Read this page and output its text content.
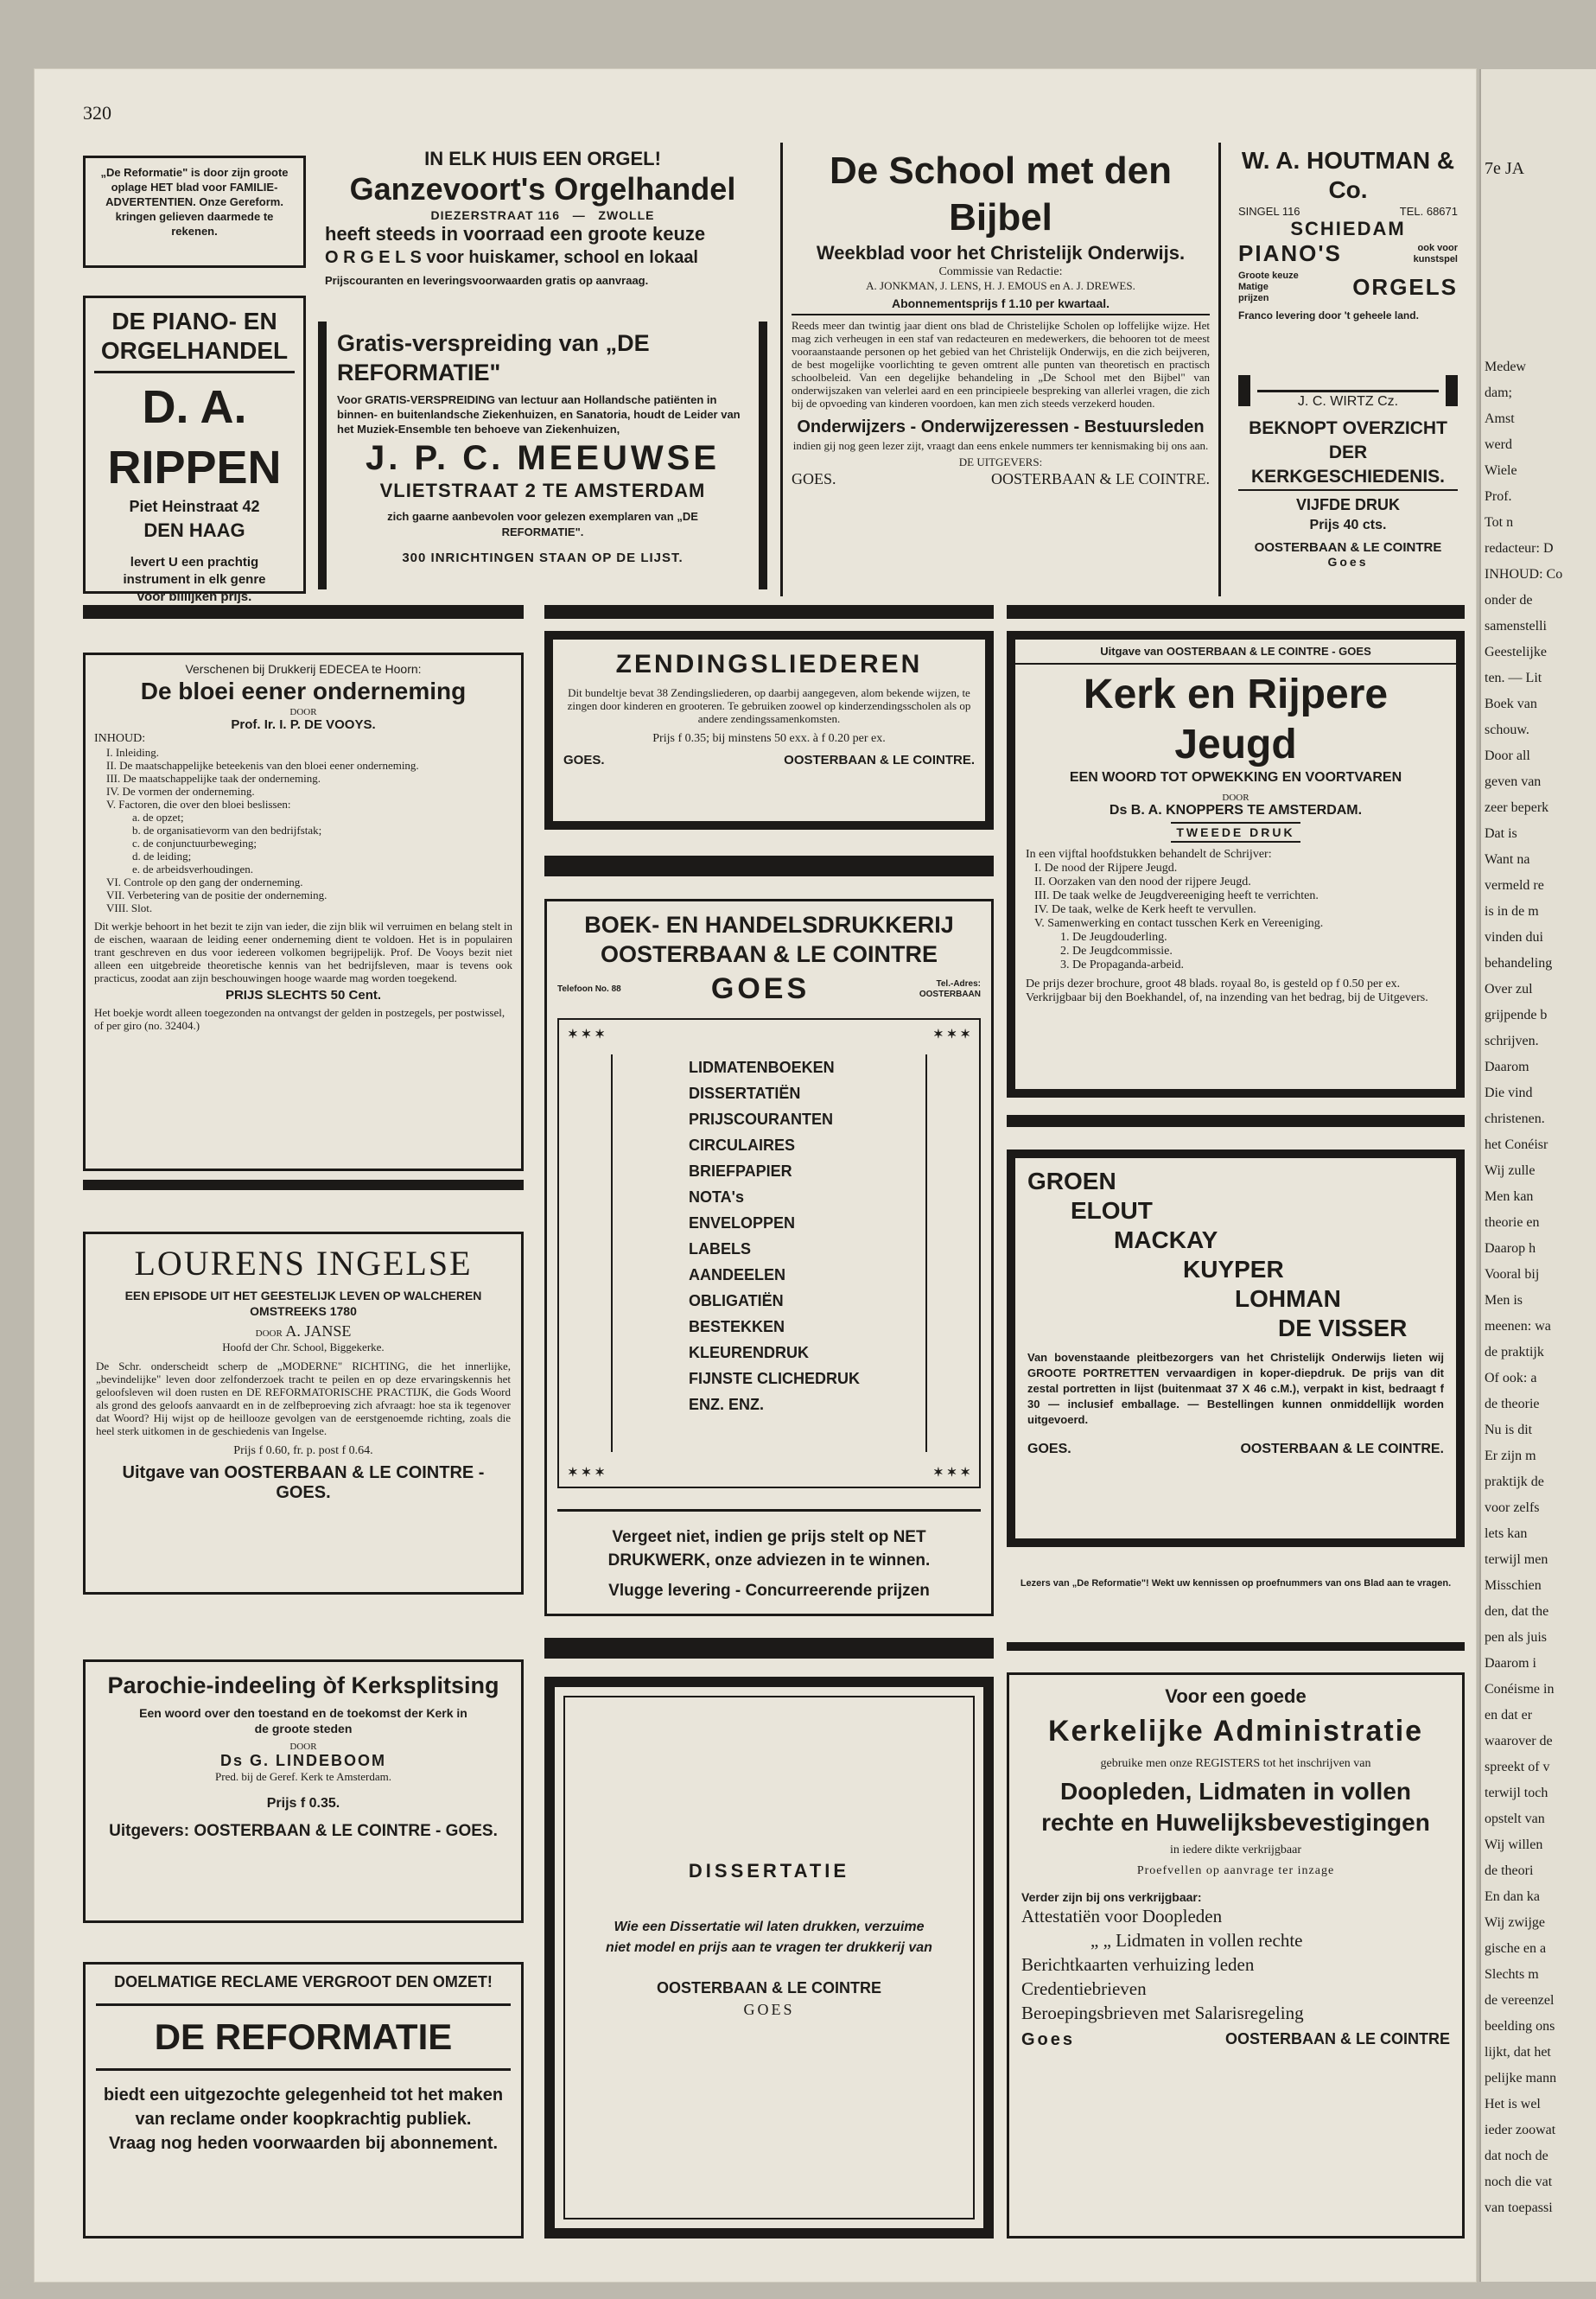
320

„De Reformatie" is door zijn groote oplage HET blad voor FAMILIE-ADVERTENTIEN. Onze Gereform. kringen gelieven daarmede te rekenen.

DE PIANO- EN

ORGELHANDEL

D. A. RIPPEN

Piet Heinstraat 42

DEN HAAG

levert U een prachtig

instrument in elk genre

voor billijken prijs.

IN ELK HUIS EEN ORGEL!

Ganzevoort's Orgelhandel

DIEZERSTRAAT 116 — ZWOLLE

heeft steeds in voorraad een groote keuze

O R G E L S voor huiskamer, school en lokaal

Prijscouranten en leveringsvoorwaarden gratis op aanvraag.

Gratis-verspreiding van „DE REFORMATIE"

Voor GRATIS-VERSPREIDING van lectuur aan Hollandsche patiënten in binnen- en buitenlandsche Ziekenhuizen, en Sanatoria, houdt de Leider van het Muziek-Ensemble ten behoeve van Ziekenhuizen,

J. P. C. MEEUWSE

VLIETSTRAAT 2 TE AMSTERDAM

zich gaarne aanbevolen voor gelezen exemplaren van „DE REFORMATIE".

300 INRICHTINGEN STAAN OP DE LIJST.

De School met den Bijbel

Weekblad voor het Christelijk Onderwijs.

Commissie van Redactie:

A. JONKMAN, J. LENS, H. J. EMOUS en A. J. DREWES.

Abonnementsprijs f 1.10 per kwartaal.

Reeds meer dan twintig jaar dient ons blad de Christelijke Scholen op loffelijke wijze. Het mag zich verheugen in een staf van redacteuren en medewerkers, die behooren tot de meest vooraanstaande personen op het gebied van het Christelijk Onderwijs, en die zich beijveren, de best mogelijke voorlichting te geven omtrent alle punten van theoretisch en practisch schoolbeleid. Van een degelijke behandeling in „De School met den Bijbel" van onderwijszaken van velerlei aard en een principieele bespreking van allerlei vragen, die zich bij de opvoeding van kinderen voordoen, kan men zich steeds verzekerd houden.

Onderwijzers - Onderwijzeressen - Bestuursleden

indien gij nog geen lezer zijt, vraagt dan eens enkele nummers ter kennismaking bij ons aan.

DE UITGEVERS:

GOES.	OOSTERBAAN & LE COINTRE.

W. A. HOUTMAN & Co.

SINGEL 116	TEL. 68671

SCHIEDAM

PIANO'S	ook voor kunstspel
Groote keuze Matige prijzen	ORGELS

Franco levering door 't geheele land.

J. C. WIRTZ Cz.

BEKNOPT OVERZICHT

DER KERKGESCHIEDENIS.

VIJFDE DRUK

Prijs 40 cts.

OOSTERBAAN & LE COINTRE

Goes

Verschenen bij Drukkerij EDECEA te Hoorn:

De bloei eener onderneming

DOOR

Prof. Ir. I. P. DE VOOYS.

INHOUD:

I. Inleiding.
II. De maatschappelijke beteekenis van den bloei eener onderneming.
III. De maatschappelijke taak der onderneming.
IV. De vormen der onderneming.
V. Factoren, die over den bloei beslissen:
a. de opzet;
b. de organisatievorm van den bedrijfstak;
c. de conjunctuurbeweging;
d. de leiding;
e. de arbeidsverhoudingen.
VI. Controle op den gang der onderneming.
VII. Verbetering van de positie der onderneming.
VIII. Slot.

Dit werkje behoort in het bezit te zijn van ieder, die zijn blik wil verruimen en belang stelt in de eischen, waaraan de leiding eener onderneming dient te voldoen. Het is in populairen trant geschreven en dus voor iedereen volkomen begrijpelijk. Prof. De Vooys bezit niet alleen een uitgebreide theoretische kennis van het bedrijfsleven, maar is tevens ook practicus, zoodat aan zijn beschouwingen hooge waarde mag worden toegekend.

PRIJS SLECHTS 50 Cent.

Het boekje wordt alleen toegezonden na ontvangst der gelden in postzegels, per postwissel, of per giro (no. 32404.)

LOURENS INGELSE

EEN EPISODE UIT HET GEESTELIJK LEVEN OP WALCHEREN OMSTREEKS 1780

DOOR A. JANSE

Hoofd der Chr. School, Biggekerke.

De Schr. onderscheidt scherp de „MODERNE" RICHTING, die het innerlijke, „bevindelijke" leven door zelfonderzoek tracht te peilen en op deze ervaringskennis het geloofsleven wil doen rusten en DE REFORMATORISCHE PRACTIJK, die Gods Woord als grond des geloofs aanvaardt en in de zelfbeproeving zich afvraagt: hoe sta ik tegenover dat Woord? Hij wijst op de heillooze gevolgen van de eerstgenoemde richting, zoals die heel sterk uitkomen in de geschiedenis van Ingelse.

Prijs f 0.60, fr. p. post f 0.64.

Uitgave van OOSTERBAAN & LE COINTRE - GOES.

Parochie-indeeling òf Kerksplitsing

Een woord over den toestand en de toekomst der Kerk in de groote steden

DOOR

Ds G. LINDEBOOM

Pred. bij de Geref. Kerk te Amsterdam.

Prijs f 0.35.

Uitgevers: OOSTERBAAN & LE COINTRE - GOES.

DOELMATIGE RECLAME VERGROOT DEN OMZET!

DE REFORMATIE

biedt een uitgezochte gelegenheid tot het maken

van reclame onder koopkrachtig publiek.

Vraag nog heden voorwaarden bij abonnement.

ZENDINGSLIEDEREN

Dit bundeltje bevat 38 Zendingsliederen, op daarbij aangegeven, alom bekende wijzen, te zingen door kinderen en grooteren. Te gebruiken zoowel op kinderzendingsscholen als op andere zendingssamenkomsten.

Prijs f 0.35; bij minstens 50 exx. à f 0.20 per ex.

GOES.	OOSTERBAAN & LE COINTRE.

BOEK- EN HANDELSDRUKKERIJ

OOSTERBAAN & LE COINTRE

Telefoon No. 88	GOES	Tel.-Adres: OOSTERBAAN
✶ ✶ ✶	✶ ✶ ✶
✶ ✶ ✶	✶ ✶ ✶
LIDMATENBOEKEN
DISSERTATIËN
PRIJSCOURANTEN
CIRCULAIRES
BRIEFPAPIER
NOTA's
ENVELOPPEN
LABELS
AANDEELEN
OBLIGATIËN
BESTEKKEN
KLEURENDRUK
FIJNSTE CLICHEDRUK
ENZ. ENZ.

Vergeet niet, indien ge prijs stelt op NET DRUKWERK, onze adviezen in te winnen.

Vlugge levering - Concurreerende prijzen

DISSERTATIE

Wie een Dissertatie wil laten drukken, verzuime niet model en prijs aan te vragen ter drukkerij van

OOSTERBAAN & LE COINTRE

GOES

Uitgave van OOSTERBAAN & LE COINTRE - GOES

Kerk en Rijpere Jeugd

EEN WOORD TOT OPWEKKING EN VOORTVAREN

DOOR

Ds B. A. KNOPPERS TE AMSTERDAM.

TWEEDE DRUK

In een vijftal hoofdstukken behandelt de Schrijver:

I. De nood der Rijpere Jeugd.
II. Oorzaken van den nood der rijpere Jeugd.
III. De taak welke de Jeugdvereeniging heeft te verrichten.
IV. De taak, welke de Kerk heeft te vervullen.
V. Samenwerking en contact tusschen Kerk en Vereeniging.
1. De Jeugdouderling.
2. De Jeugdcommissie.
3. De Propaganda-arbeid.

De prijs dezer brochure, groot 48 blads. royaal 8o, is gesteld op f 0.50 per ex. Verkrijgbaar bij den Boekhandel, of, na inzending van het bedrag, bij de Uitgevers.

GROEN

ELOUT

MACKAY

KUYPER

LOHMAN

DE VISSER

Van bovenstaande pleitbezorgers van het Christelijk Onderwijs lieten wij GROOTE PORTRETTEN vervaardigen in koper-diepdruk. De prijs van dit zestal portretten in lijst (buitenmaat 37 X 46 c.M.), verpakt in kist, bedraagt f 30 — inclusief emballage. — Bestellingen kunnen onmiddellijk worden uitgevoerd.

GOES.	OOSTERBAAN & LE COINTRE.

Lezers van „De Reformatie"! Wekt uw kennissen op proefnummers van ons Blad aan te vragen.

Voor een goede

Kerkelijke Administratie

gebruike men onze REGISTERS tot het inschrijven van

Doopleden, Lidmaten in vollen rechte en Huwelijksbevestigingen

in iedere dikte verkrijgbaar

Proefvellen op aanvrage ter inzage

Verder zijn bij ons verkrijgbaar:

Attestatiën voor Doopleden
„ „ Lidmaten in vollen rechte
Berichtkaarten verhuizing leden
Credentiebrieven
Beroepingsbrieven met Salarisregeling
Goes	OOSTERBAAN & LE COINTRE
7e JA
Medew
dam;
Amst
werd
Wiele
Prof.
Tot n
redacteur: D
INHOUD: Co
onder de
samenstelli
Geestelijke
ten. — Lit
Boek van
schouw.
Door all
geven van
zeer beperk
Dat is
Want na
vermeld re
is in de m
vinden dui
behandeling
Over zul
grijpende b
schrijven.
Daarom
Die vind
christenen.
het Conéisr
Wij zulle
Men kan
theorie en
Daarop h
Vooral bij
Men is
meenen: wa
de praktijk
Of ook: a
de theorie
Nu is dit
Er zijn m
praktijk de
voor zelfs
lets kan
terwijl men
Misschien
den, dat the
pen als juis
Daarom i
Conéisme in
en dat er
waarover de
spreekt of v
terwijl toch
opstelt van
Wij willen
de theori
En dan ka
Wij zwijge
gische en a
Slechts m
de vereenzel
beelding ons
lijkt, dat het
pelijke mann
Het is wel
ieder zoowat
dat noch de
noch die vat
van toepassi
